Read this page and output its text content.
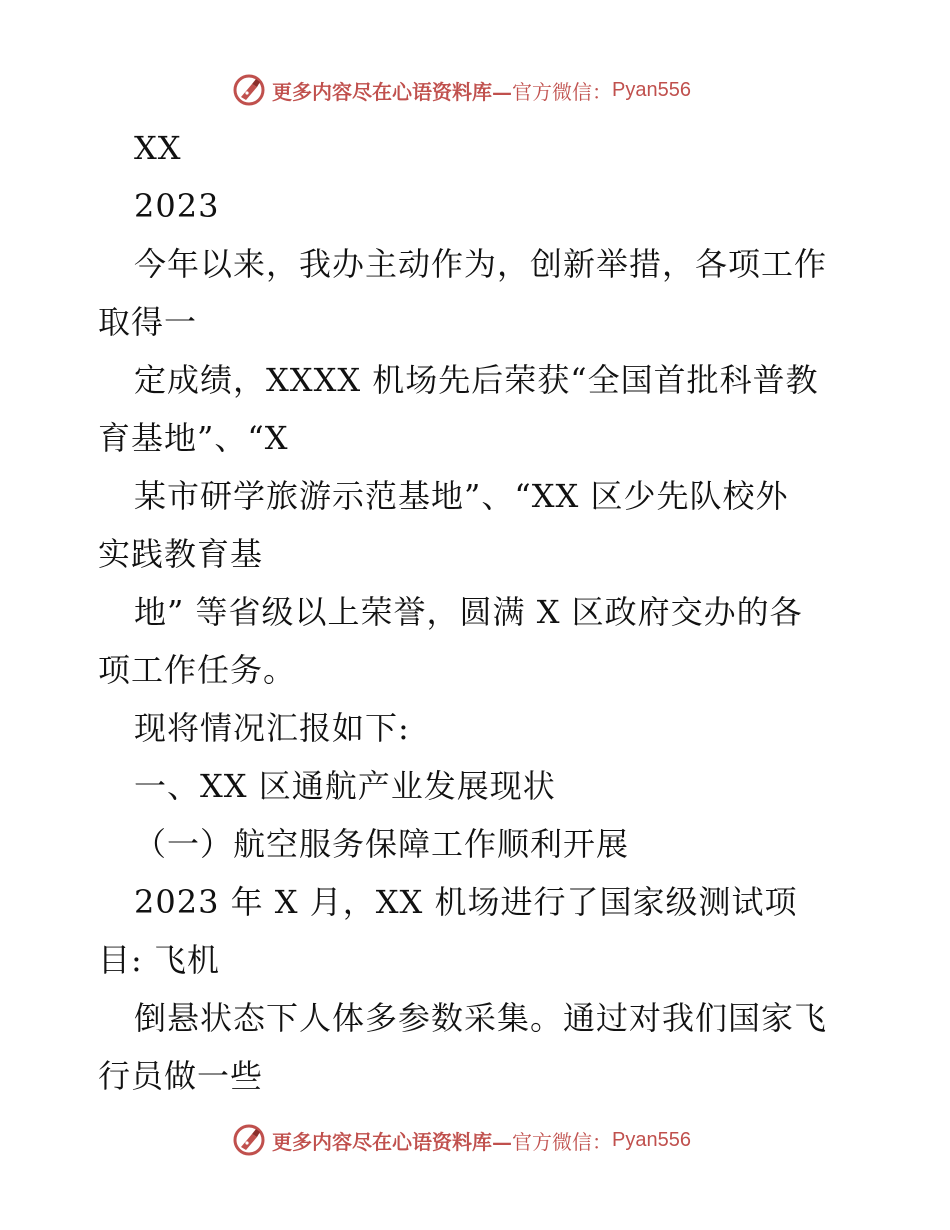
更多内容尽在心语资料库— 官方微信： Pyan556
XX
2023
今年以来，我办主动作为，创新举措，各项工作
取得一
定成绩，XXXX 机场先后荣获“全国首批科普教
育基地”、“X
某市研学旅游示范基地”、“XX 区少先队校外
实践教育基
地” 等省级以上荣誉，圆满 X 区政府交办的各
项工作任务。
现将情况汇报如下:
一、XX 区通航产业发展现状
（一）航空服务保障工作顺利开展
2023 年 X 月，XX 机场进行了国家级测试项
目: 飞机
倒悬状态下人体多参数采集。通过对我们国家飞
行员做一些
更多内容尽在心语资料库— 官方微信： Pyan556
